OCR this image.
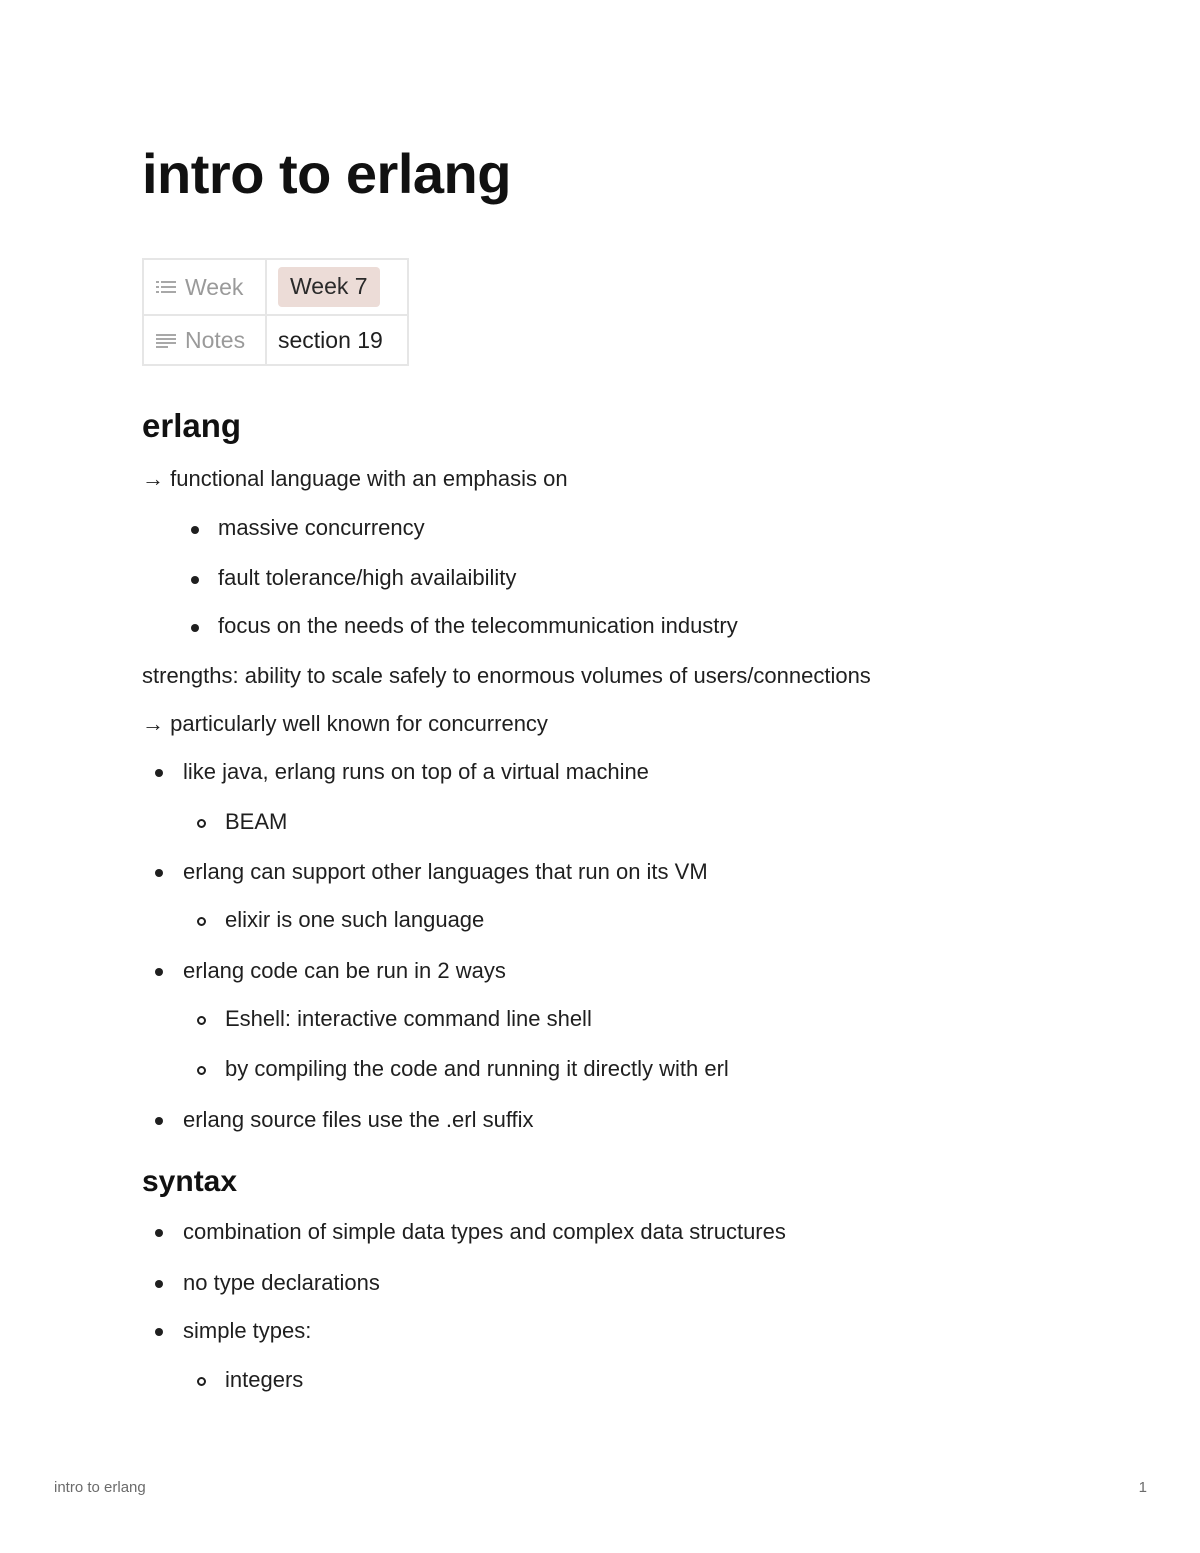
intro to erlang
Week	Week 7
Notes	section 19
erlang
→ functional language with an emphasis on
massive concurrency
fault tolerance/high availaibility
focus on the needs of the telecommunication industry
strengths: ability to scale safely to enormous volumes of users/connections
→ particularly well known for concurrency
like java, erlang runs on top of a virtual machine
BEAM
erlang can support other languages that run on its VM
elixir is one such language
erlang code can be run in 2 ways
Eshell: interactive command line shell
by compiling the code and running it directly with erl
erlang source files use the .erl suffix
syntax
combination of simple data types and complex data structures
no type declarations
simple types:
integers
intro to erlang	1
